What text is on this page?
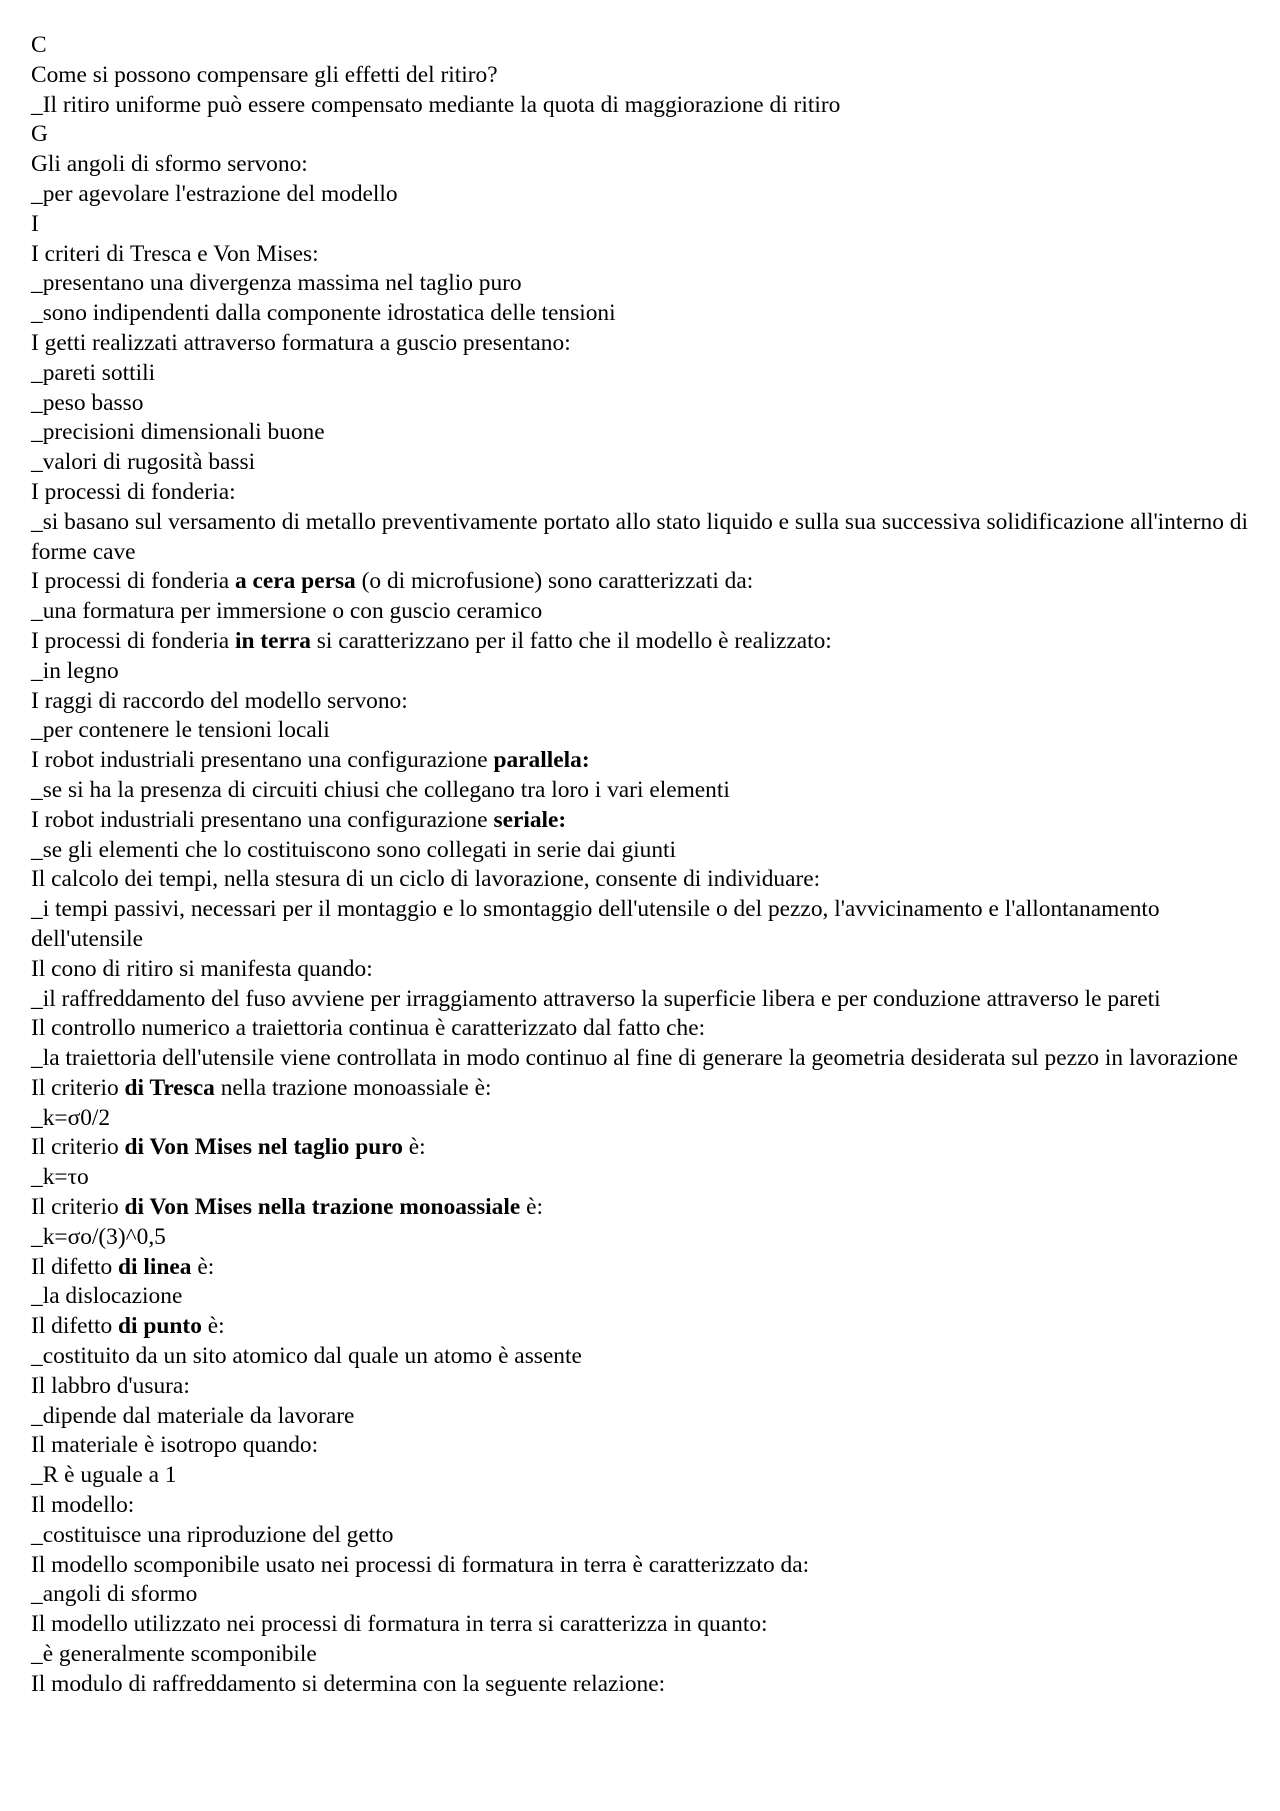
C

Come si possono compensare gli effetti del ritiro?

_Il ritiro uniforme può essere compensato mediante la quota di maggiorazione di ritiro

G

Gli angoli di sformo servono:

_per agevolare l'estrazione del modello

I

I criteri di Tresca e Von Mises:

_presentano una divergenza massima nel taglio puro

_sono indipendenti dalla componente idrostatica delle tensioni

I getti realizzati attraverso formatura a guscio presentano:

_pareti sottili

_peso basso

_precisioni dimensionali buone

_valori di rugosità bassi

I processi di fonderia:

_si basano sul versamento di metallo preventivamente portato allo stato liquido e sulla sua successiva solidificazione all'interno di forme cave

I processi di fonderia a cera persa (o di microfusione) sono caratterizzati da:

_una formatura per immersione o con guscio ceramico

I processi di fonderia in terra si caratterizzano per il fatto che il modello è realizzato:

_in legno

I raggi di raccordo del modello servono:

_per contenere le tensioni locali

I robot industriali presentano una configurazione parallela:

_se si ha la presenza di circuiti chiusi che collegano tra loro i vari elementi

I robot industriali presentano una configurazione seriale:

_se gli elementi che lo costituiscono sono collegati in serie dai giunti

Il calcolo dei tempi, nella stesura di un ciclo di lavorazione, consente di individuare:

_i tempi passivi, necessari per il montaggio e lo smontaggio dell'utensile o del pezzo, l'avvicinamento e l'allontanamento dell'utensile

Il cono di ritiro si manifesta quando:

_il raffreddamento del fuso avviene per irraggiamento attraverso la superficie libera e per conduzione attraverso le pareti

Il controllo numerico a traiettoria continua è caratterizzato dal fatto che:

_la traiettoria dell'utensile viene controllata in modo continuo al fine di generare la geometria desiderata sul pezzo in lavorazione

Il criterio di Tresca nella trazione monoassiale è:

_k=σ0/2

Il criterio di Von Mises nel taglio puro è:

_k=τo

Il criterio di Von Mises nella trazione monoassiale è:

_k=σo/(3)^0,5

Il difetto di linea è:

_la dislocazione

Il difetto di punto è:

_costituito da un sito atomico dal quale un atomo è assente

Il labbro d'usura:

_dipende dal materiale da lavorare

Il materiale è isotropo quando:

_R è uguale a 1

Il modello:

_costituisce una riproduzione del getto

Il modello scomponibile usato nei processi di formatura in terra è caratterizzato da:

_angoli di sformo

Il modello utilizzato nei processi di formatura in terra si caratterizza in quanto:

_è generalmente scomponibile

Il modulo di raffreddamento si determina con la seguente relazione:
